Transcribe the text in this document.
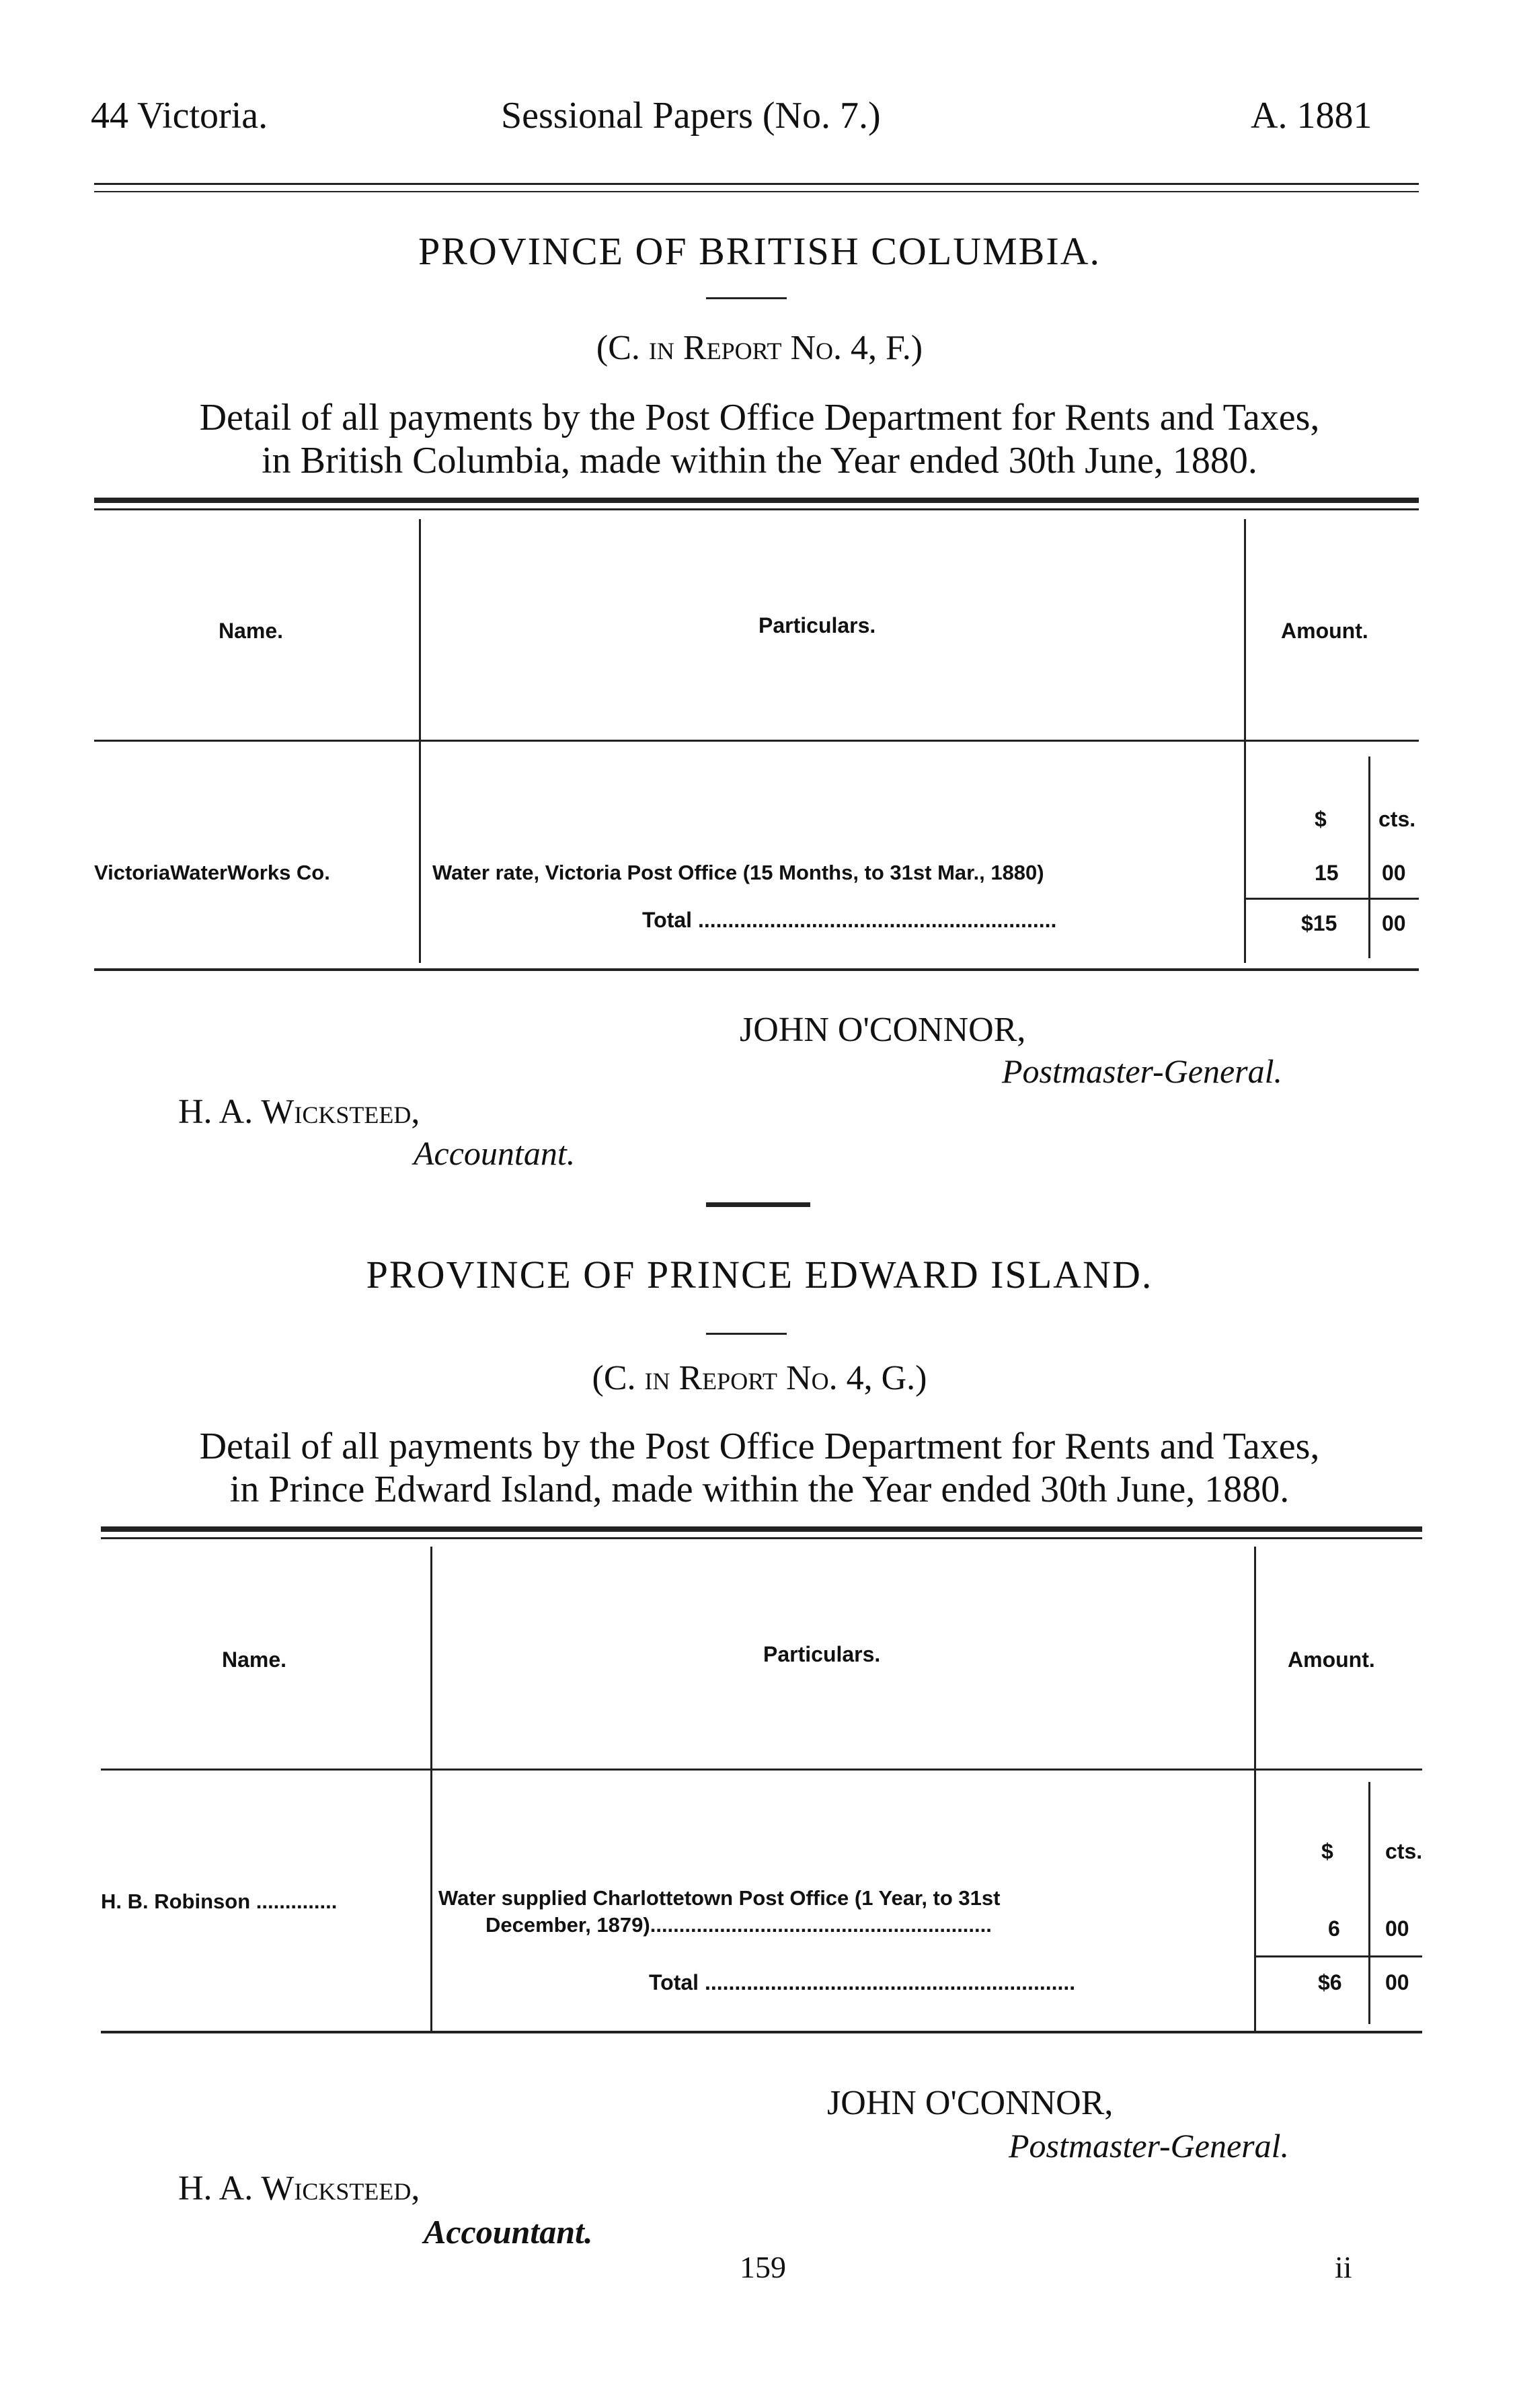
44 Victoria.	Sessional Papers (No. 7.)	A. 1881
PROVINCE OF BRITISH COLUMBIA.
(C. in Report No. 4, F.)
Detail of all payments by the Post Office Department for Rents and Taxes,
in British Columbia, made within the Year ended 30th June, 1880.
Name.	Particulars.	Amount.
$ cts.
VictoriaWaterWorks Co.	Water rate, Victoria Post Office (15 Months, to 31st Mar., 1880)	15 00
Total ............................................................	$15 00
JOHN O'CONNOR,
Postmaster-General.
H. A. Wicksteed,
Accountant.
PROVINCE OF PRINCE EDWARD ISLAND.
(C. in Report No. 4, G.)
Detail of all payments by the Post Office Department for Rents and Taxes,
in Prince Edward Island, made within the Year ended 30th June, 1880.
Name.	Particulars.	Amount.
$ cts.
H. B. Robinson ..............	Water supplied Charlottetown Post Office (1 Year, to 31st
December, 1879)...........................................................	6 00
Total ..............................................................	$6 00
JOHN O'CONNOR,
Postmaster-General.
H. A. Wicksteed,
Accountant.
159	ii
